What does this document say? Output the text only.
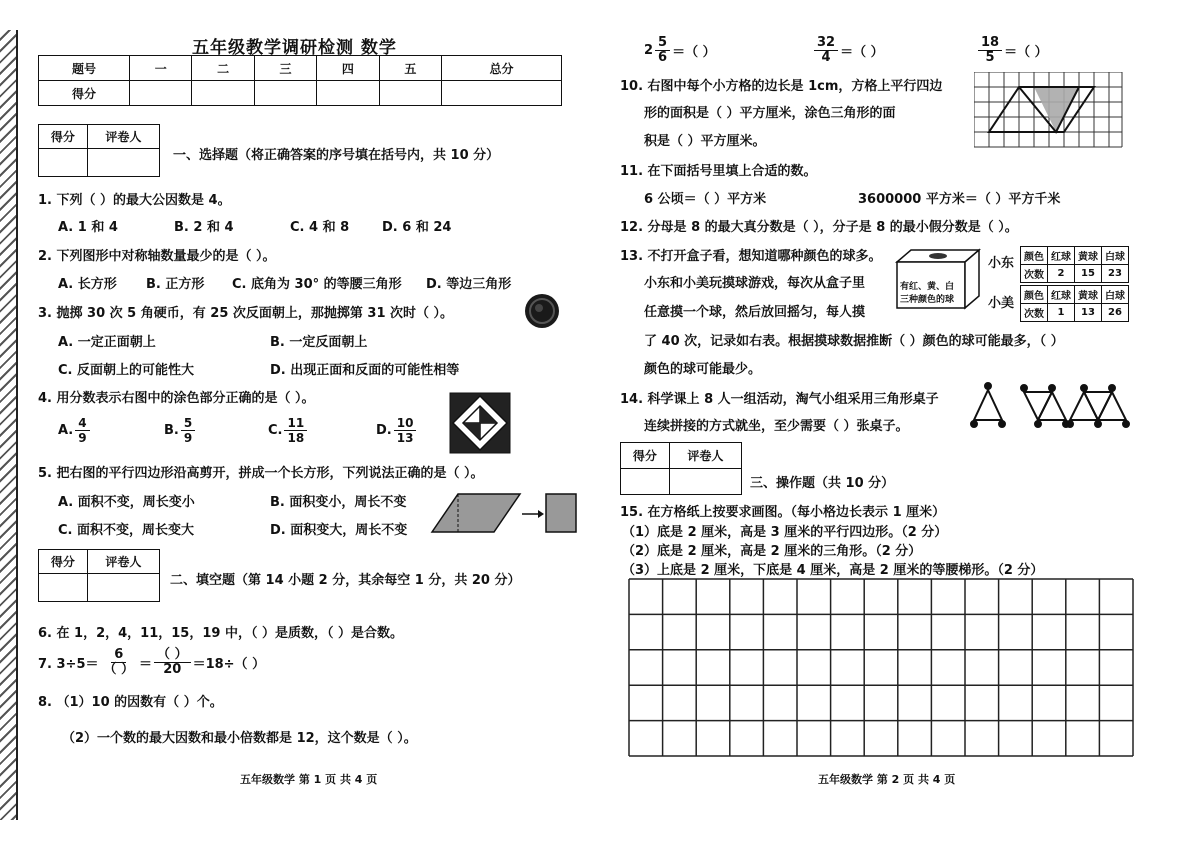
五年级教学调研检测 数学
题号	一	二	三	四	五	总分
得分						
得分	评卷人

一、选择题（将正确答案的序号填在括号内，共 10 分）
1. 下列（ ）的最大公因数是 4。
A. 1 和 4	B. 2 和 4	C. 4 和 8	D. 6 和 24
2. 下列图形中对称轴数量最少的是（ ）。
A. 长方形 B. 正方形 C. 底角为 30° 的等腰三角形 D. 等边三角形
3. 抛掷 30 次 5 角硬币，有 25 次反面朝上，那抛掷第 31 次时（ ）。
A. 一定正面朝上	B. 一定反面朝上
C. 反面朝上的可能性大	D. 出现正面和反面的可能性相等
4. 用分数表示右图中的涂色部分正确的是（ ）。
A. $\frac{4}{9}$	B. $\frac{5}{9}$	C. $\frac{11}{18}$	D. $\frac{10}{13}$
5. 把右图的平行四边形沿高剪开，拼成一个长方形，下列说法正确的是（ ）。
A. 面积不变，周长变小	B. 面积变小，周长不变
C. 面积不变，周长变大	D. 面积变大，周长不变
得分	评卷人

二、填空题（第 14 小题 2 分，其余每空 1 分，共 20 分）
6. 在 1，2，4，11，15，19 中，（ ）是质数，（ ）是合数。
7. $3\div 5= \frac{6}{( )} = \frac{( )}{20} =18\div$（ ）
8. （1）10 的因数有（ ）个。
（2）一个数的最大因数和最小倍数都是 12，这个数是（ ）。
五年级数学 第 1 页 共 4 页
$2 \frac{5}{6}$ ＝（ ）	$\frac{32}{4}$ ＝（ ）	$\frac{18}{5}$ ＝（ ）
10. 右图中每个小方格的边长是 1cm，方格上平行四边
形的面积是（ ）平方厘米，涂色三角形的面
积是（ ）平方厘米。
11. 在下面括号里填上合适的数。
6 公顷＝（ ）平方米	3600000 平方米＝（ ）平方千米
12. 分母是 8 的最大真分数是（ ），分子是 8 的最小假分数是（ ）。
13. 不打开盒子看，想知道哪种颜色的球多。
小东和小美玩摸球游戏，每次从盒子里
任意摸一个球，然后放回摇匀，每人摸
了 40 次，记录如右表。根据摸球数据推断（ ）颜色的球可能最多，（ ）
颜色的球可能最少。
有红、黄、白
三种颜色的球
小东 颜色	红球	黄球	白球
次数	2	15	23
小美 颜色	红球	黄球	白球
次数	1	13	26
14. 科学课上 8 人一组活动，淘气小组采用三角形桌子
连续拼接的方式就坐，至少需要（ ）张桌子。
得分	评卷人

三、操作题（共 10 分）
15. 在方格纸上按要求画图。（每小格边长表示 1 厘米）
（1）底是 2 厘米，高是 3 厘米的平行四边形。（2 分）
（2）底是 2 厘米，高是 2 厘米的三角形。（2 分）
（3）上底是 2 厘米，下底是 4 厘米，高是 2 厘米的等腰梯形。（2 分）
五年级数学 第 2 页 共 4 页
